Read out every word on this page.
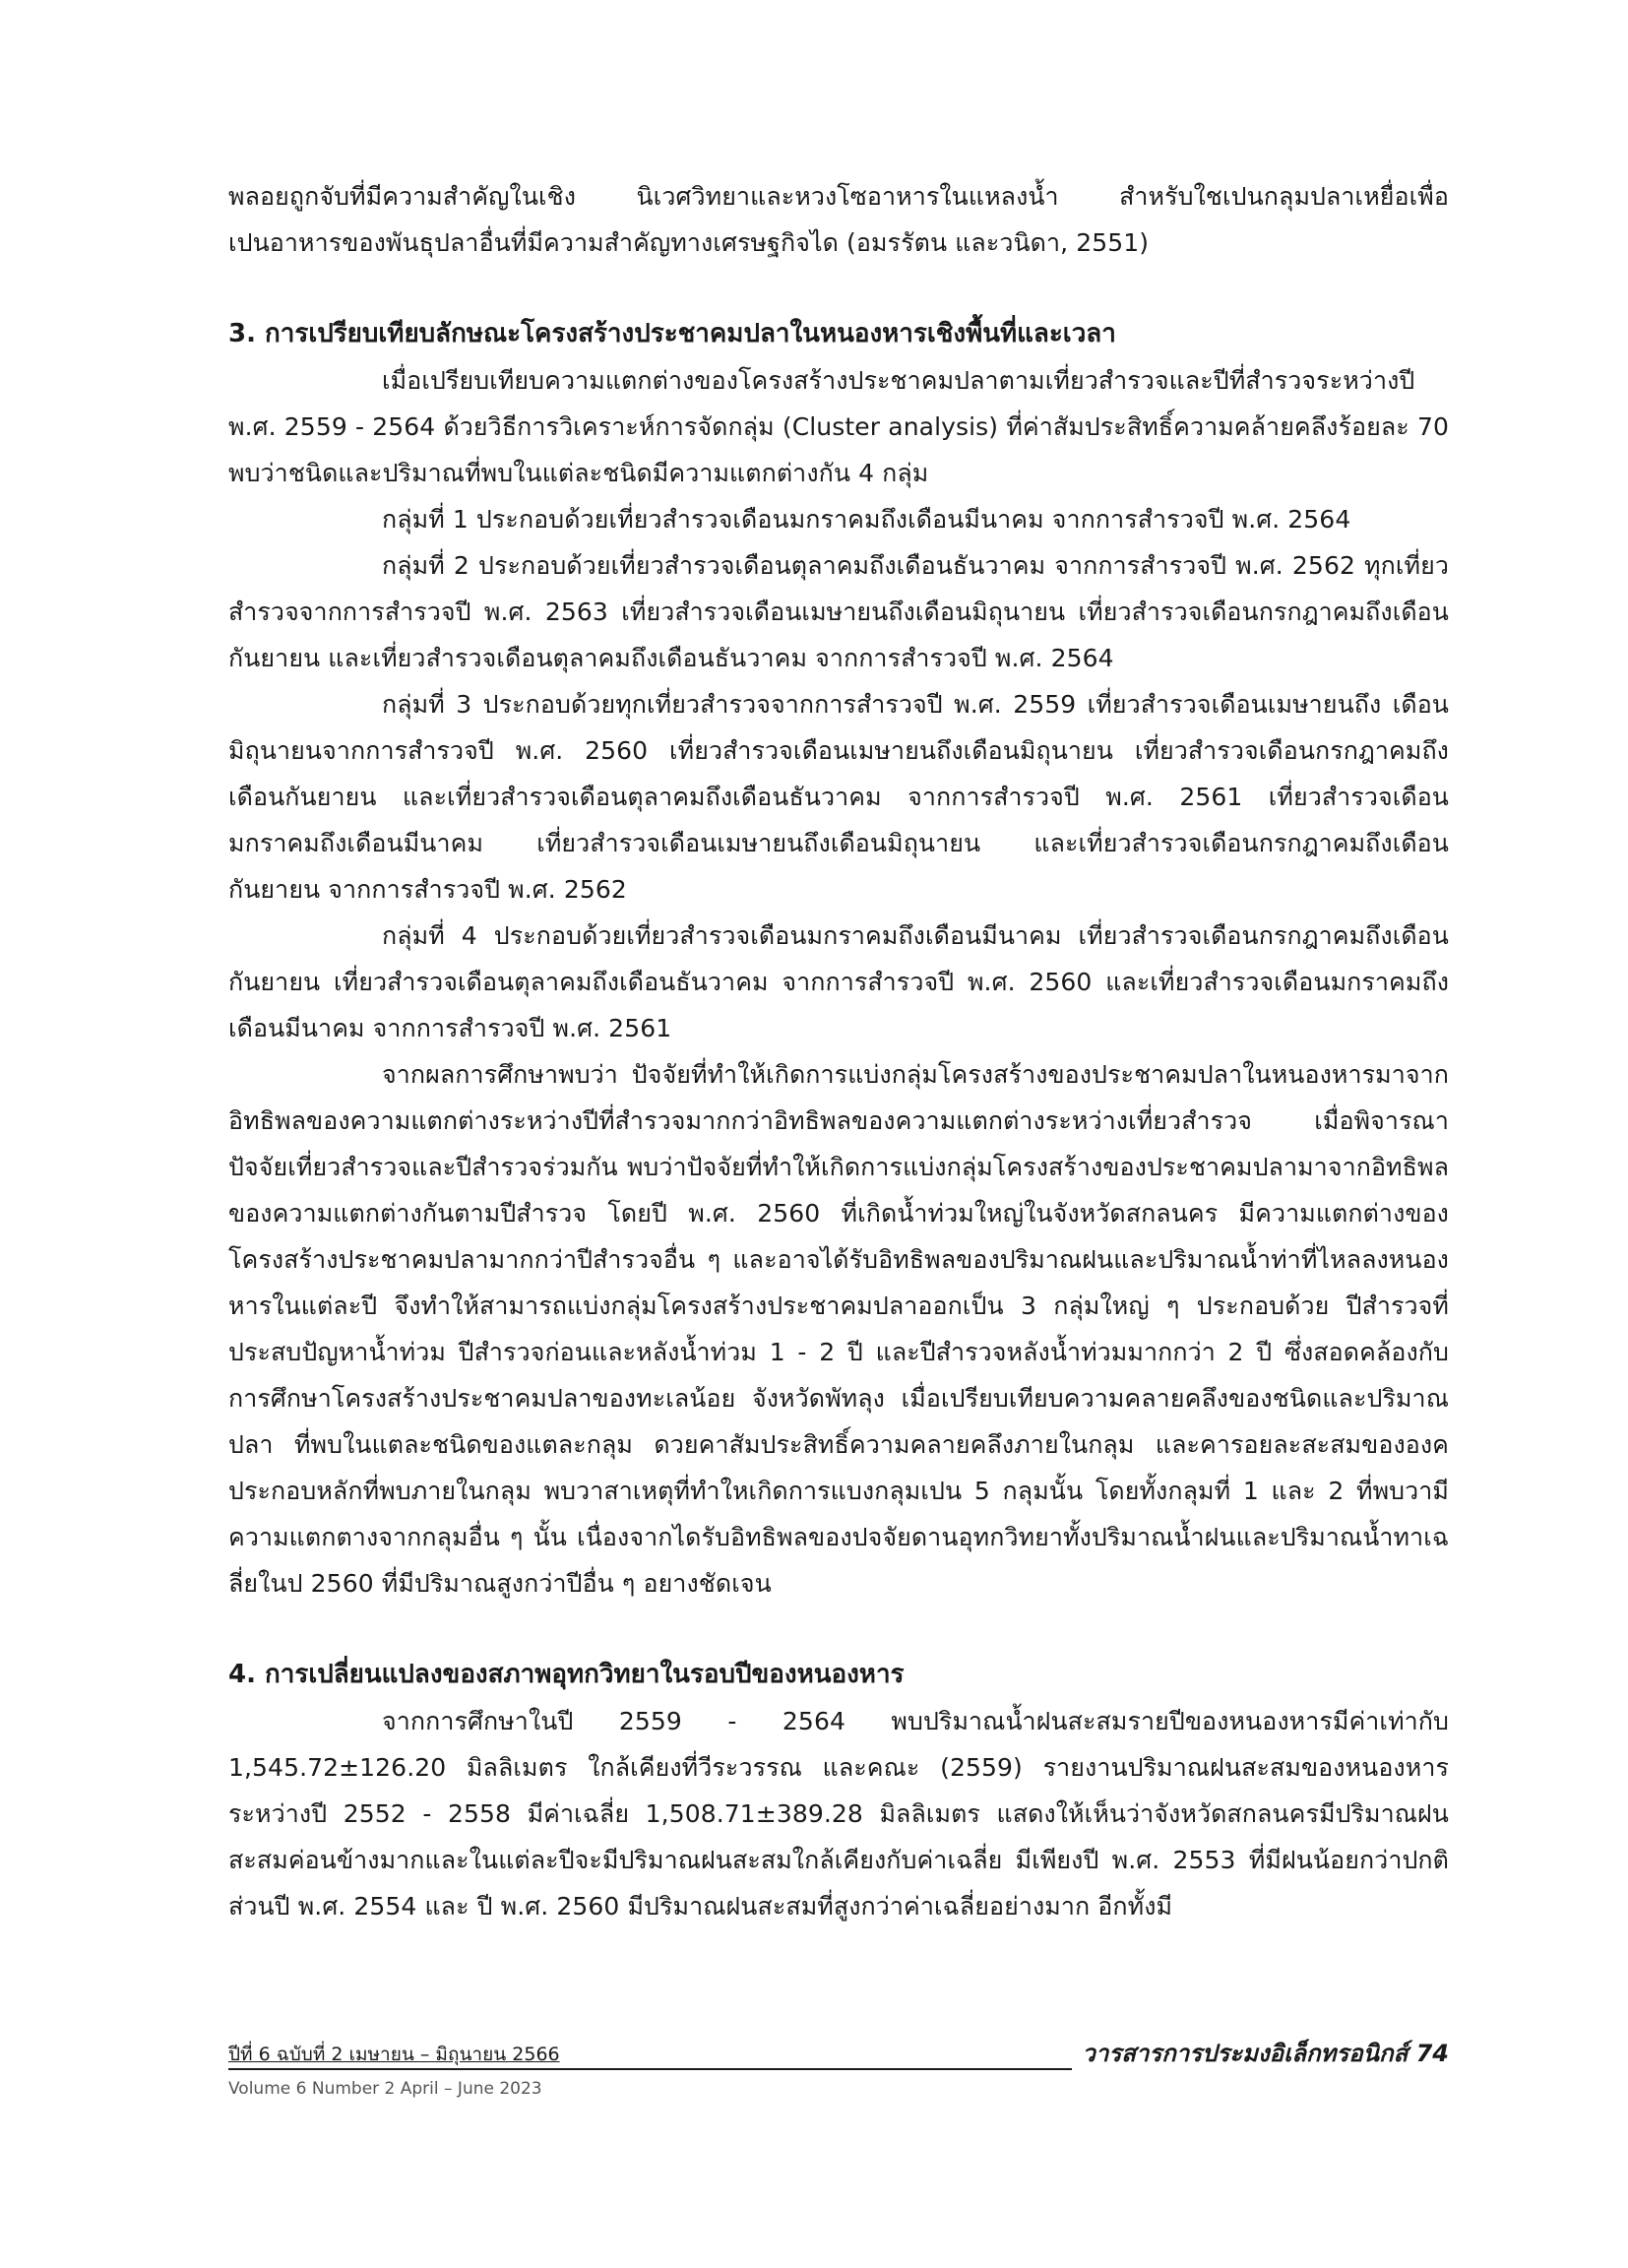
พลอยถูกจับที่มีความสำคัญในเชิง นิเวศวิทยาและหวงโซอาหารในแหลงน้ำ สำหรับใชเปนกลุมปลาเหยื่อเพื่อ

เปนอาหารของพันธุปลาอื่นที่มีความสำคัญทางเศรษฐกิจได (อมรรัตน และวนิดา, 2551)

3. การเปรียบเทียบลักษณะโครงสร้างประชาคมปลาในหนองหารเชิงพื้นที่และเวลา

เมื่อเปรียบเทียบความแตกต่างของโครงสร้างประชาคมปลาตามเที่ยวสำรวจและปีที่สำรวจระหว่างปี พ.ศ. 2559 - 2564 ด้วยวิธีการวิเคราะห์การจัดกลุ่ม (Cluster analysis) ที่ค่าสัมประสิทธิ์ความคล้ายคลึงร้อยละ 70 พบว่าชนิดและปริมาณที่พบในแต่ละชนิดมีความแตกต่างกัน 4 กลุ่ม

กลุ่มที่ 1 ประกอบด้วยเที่ยวสำรวจเดือนมกราคมถึงเดือนมีนาคม จากการสำรวจปี พ.ศ. 2564

กลุ่มที่ 2 ประกอบด้วยเที่ยวสำรวจเดือนตุลาคมถึงเดือนธันวาคม จากการสำรวจปี พ.ศ. 2562 ทุกเที่ยวสำรวจจากการสำรวจปี พ.ศ. 2563 เที่ยวสำรวจเดือนเมษายนถึงเดือนมิถุนายน เที่ยวสำรวจเดือนกรกฎาคมถึงเดือนกันยายน และเที่ยวสำรวจเดือนตุลาคมถึงเดือนธันวาคม จากการสำรวจปี พ.ศ. 2564

กลุ่มที่ 3 ประกอบด้วยทุกเที่ยวสำรวจจากการสำรวจปี พ.ศ. 2559 เที่ยวสำรวจเดือนเมษายนถึง เดือนมิถุนายนจากการสำรวจปี พ.ศ. 2560 เที่ยวสำรวจเดือนเมษายนถึงเดือนมิถุนายน เที่ยวสำรวจเดือนกรกฎาคมถึงเดือนกันยายน และเที่ยวสำรวจเดือนตุลาคมถึงเดือนธันวาคม จากการสำรวจปี พ.ศ. 2561 เที่ยวสำรวจเดือนมกราคมถึงเดือนมีนาคม เที่ยวสำรวจเดือนเมษายนถึงเดือนมิถุนายน และเที่ยวสำรวจเดือนกรกฎาคมถึงเดือนกันยายน จากการสำรวจปี พ.ศ. 2562

กลุ่มที่ 4 ประกอบด้วยเที่ยวสำรวจเดือนมกราคมถึงเดือนมีนาคม เที่ยวสำรวจเดือนกรกฎาคมถึงเดือนกันยายน เที่ยวสำรวจเดือนตุลาคมถึงเดือนธันวาคม จากการสำรวจปี พ.ศ. 2560 และเที่ยวสำรวจเดือนมกราคมถึงเดือนมีนาคม จากการสำรวจปี พ.ศ. 2561

จากผลการศึกษาพบว่า ปัจจัยที่ทำให้เกิดการแบ่งกลุ่มโครงสร้างของประชาคมปลาในหนองหารมาจากอิทธิพลของความแตกต่างระหว่างปีที่สำรวจมากกว่าอิทธิพลของความแตกต่างระหว่างเที่ยวสำรวจ เมื่อพิจารณาปัจจัยเที่ยวสำรวจและปีสำรวจร่วมกัน พบว่าปัจจัยที่ทำให้เกิดการแบ่งกลุ่มโครงสร้างของประชาคมปลามาจากอิทธิพลของความแตกต่างกันตามปีสำรวจ โดยปี พ.ศ. 2560 ที่เกิดน้ำท่วมใหญ่ในจังหวัดสกลนคร มีความแตกต่างของโครงสร้างประชาคมปลามากกว่าปีสำรวจอื่น ๆ และอาจได้รับอิทธิพลของปริมาณฝนและปริมาณน้ำท่าที่ไหลลงหนองหารในแต่ละปี จึงทำให้สามารถแบ่งกลุ่มโครงสร้างประชาคมปลาออกเป็น 3 กลุ่มใหญ่ ๆ ประกอบด้วย ปีสำรวจที่ประสบปัญหาน้ำท่วม ปีสำรวจก่อนและหลังน้ำท่วม 1 - 2 ปี และปีสำรวจหลังน้ำท่วมมากกว่า 2 ปี ซึ่งสอดคล้องกับการศึกษาโครงสร้างประชาคมปลาของทะเลน้อย จังหวัดพัทลุง เมื่อเปรียบเทียบความคลายคลึงของชนิดและปริมาณปลา ที่พบในแตละชนิดของแตละกลุม ดวยคาสัมประสิทธิ์ความคลายคลึงภายในกลุม และคารอยละสะสมขององคประกอบหลักที่พบภายในกลุม พบวาสาเหตุที่ทำใหเกิดการแบงกลุมเปน 5 กลุมนั้น โดยทั้งกลุมที่ 1 และ 2 ที่พบวามีความแตกตางจากกลุมอื่น ๆ นั้น เนื่องจากไดรับอิทธิพลของปจจัยดานอุทกวิทยาทั้งปริมาณน้ำฝนและปริมาณน้ำทาเฉลี่ยในป 2560 ที่มีปริมาณสูงกว่าปีอื่น ๆ อยางชัดเจน

4. การเปลี่ยนแปลงของสภาพอุทกวิทยาในรอบปีของหนองหาร

จากการศึกษาในปี 2559 - 2564 พบปริมาณน้ำฝนสะสมรายปีของหนองหารมีค่าเท่ากับ 1,545.72±126.20 มิลลิเมตร ใกล้เคียงที่วีระวรรณ และคณะ (2559) รายงานปริมาณฝนสะสมของหนองหารระหว่างปี 2552 - 2558 มีค่าเฉลี่ย 1,508.71±389.28 มิลลิเมตร แสดงให้เห็นว่าจังหวัดสกลนครมีปริมาณฝนสะสมค่อนข้างมากและในแต่ละปีจะมีปริมาณฝนสะสมใกล้เคียงกับค่าเฉลี่ย มีเพียงปี พ.ศ. 2553 ที่มีฝนน้อยกว่าปกติ ส่วนปี พ.ศ. 2554 และ ปี พ.ศ. 2560 มีปริมาณฝนสะสมที่สูงกว่าค่าเฉลี่ยอย่างมาก อีกทั้งมี

ปีที่ 6 ฉบับที่ 2 เมษายน – มิถุนายน 2566
Volume 6 Number 2 April – June 2023
วารสารการประมงอิเล็กทรอนิกส์ 74
